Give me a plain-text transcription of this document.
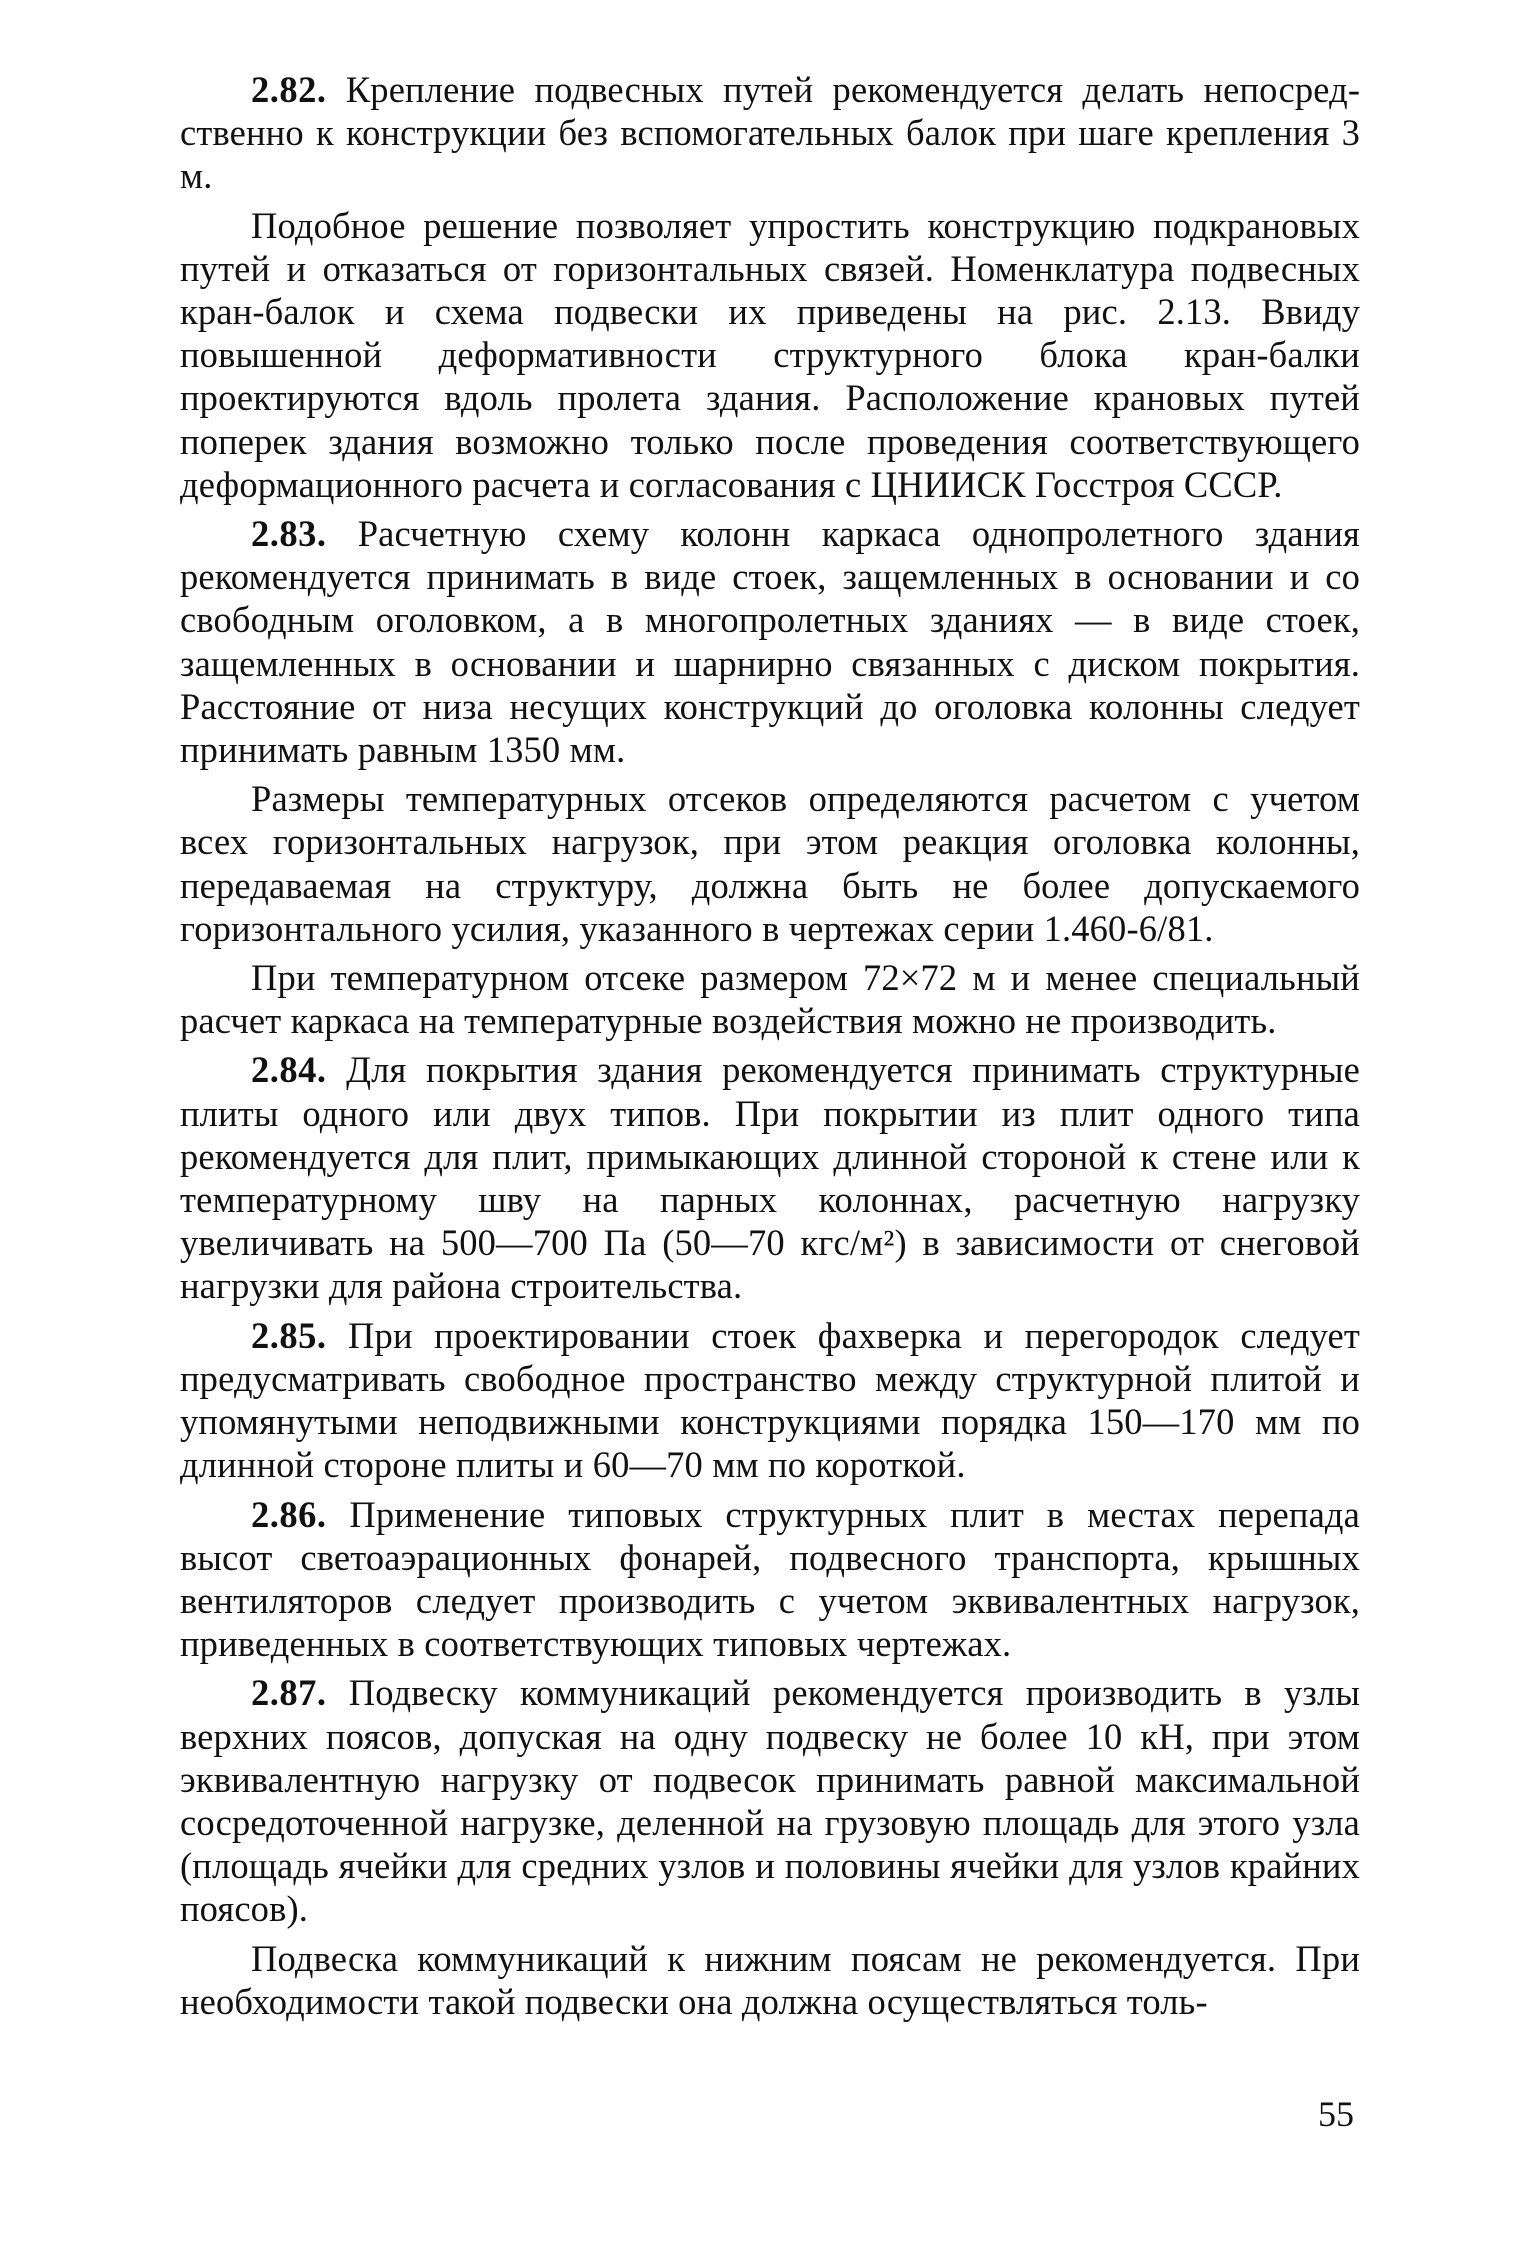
2.82. Крепление подвесных путей рекомендуется делать непосредственно к конструкции без вспомогательных балок при шаге крепления 3 м.

Подобное решение позволяет упростить конструкцию подкрановых путей и отказаться от горизонтальных связей. Номенклатура подвесных кран-балок и схема подвески их приведены на рис. 2.13. Ввиду повышенной деформативности структурного блока кран-балки проектируются вдоль пролета здания. Расположение крановых путей поперек здания возможно только после проведения соответствующего деформационного расчета и согласования с ЦНИИСК Госстроя СССР.

2.83. Расчетную схему колонн каркаса однопролетного здания рекомендуется принимать в виде стоек, защемленных в основании и со свободным оголовком, а в многопролетных зданиях — в виде стоек, защемленных в основании и шарнирно связанных с диском покрытия. Расстояние от низа несущих конструкций до оголовка колонны следует принимать равным 1350 мм.

Размеры температурных отсеков определяются расчетом с учетом всех горизонтальных нагрузок, при этом реакция оголовка колонны, передаваемая на структуру, должна быть не более допускаемого горизонтального усилия, указанного в чертежах серии 1.460-6/81.

При температурном отсеке размером 72×72 м и менее специальный расчет каркаса на температурные воздействия можно не производить.

2.84. Для покрытия здания рекомендуется принимать структурные плиты одного или двух типов. При покрытии из плит одного типа рекомендуется для плит, примыкающих длинной стороной к стене или к температурному шву на парных колоннах, расчетную нагрузку увеличивать на 500—700 Па (50—70 кгс/м²) в зависимости от снеговой нагрузки для района строительства.

2.85. При проектировании стоек фахверка и перегородок следует предусматривать свободное пространство между структурной плитой и упомянутыми неподвижными конструкциями порядка 150—170 мм по длинной стороне плиты и 60—70 мм по короткой.

2.86. Применение типовых структурных плит в местах перепада высот светоаэрационных фонарей, подвесного транспорта, крышных вентиляторов следует производить с учетом эквивалентных нагрузок, приведенных в соответствующих типовых чертежах.

2.87. Подвеску коммуникаций рекомендуется производить в узлы верхних поясов, допуская на одну подвеску не более 10 кН, при этом эквивалентную нагрузку от подвесок принимать равной максимальной сосредоточенной нагрузке, деленной на грузовую площадь для этого узла (площадь ячейки для средних узлов и половины ячейки для узлов крайних поясов).

Подвеска коммуникаций к нижним поясам не рекомендуется. При необходимости такой подвески она должна осуществляться толь-

55
